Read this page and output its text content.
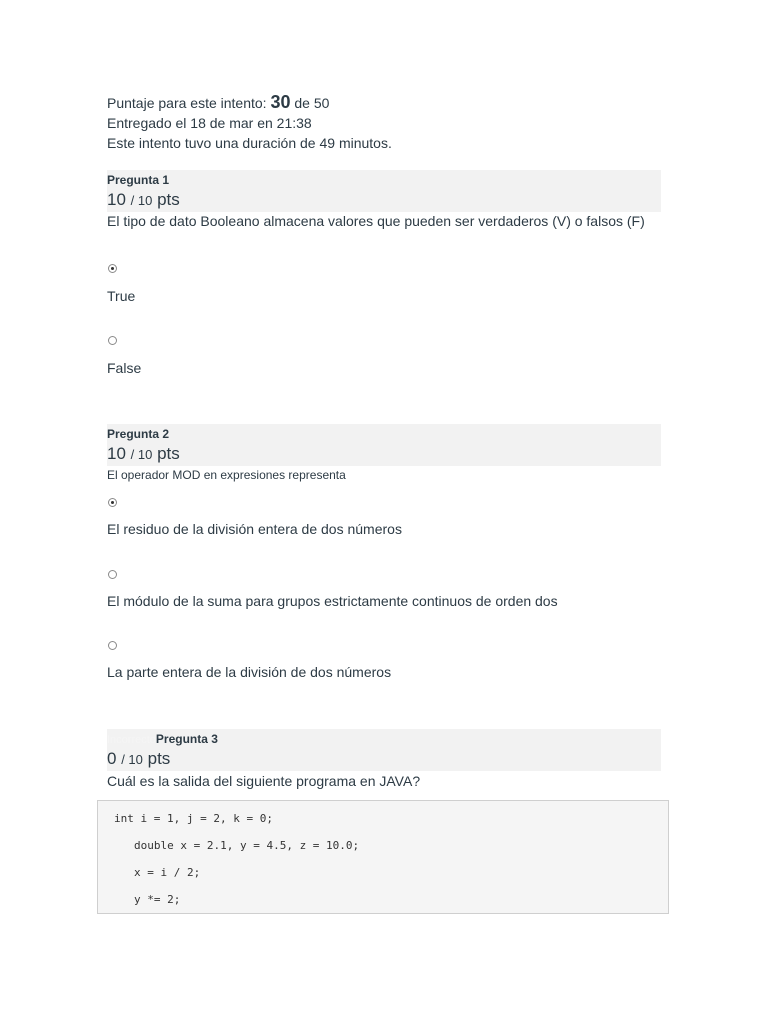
Puntaje para este intento: 30 de 50
Entregado el 18 de mar en 21:38
Este intento tuvo una duración de 49 minutos.
Pregunta 1
10 / 10 pts
El tipo de dato Booleano almacena valores que pueden ser verdaderos (V) o falsos (F)
True
False
Pregunta 2
10 / 10 pts
El operador MOD en expresiones representa
El residuo de la división entera de dos números
El módulo de la suma para grupos estrictamente continuos de orden dos
La parte entera de la división de dos números
IncorrectoPregunta 3
0 / 10 pts
Cuál es la salida del siguiente programa en JAVA?
int i = 1, j = 2, k = 0;
double x = 2.1, y = 4.5, z = 10.0;
x = i / 2;
y *= 2;
